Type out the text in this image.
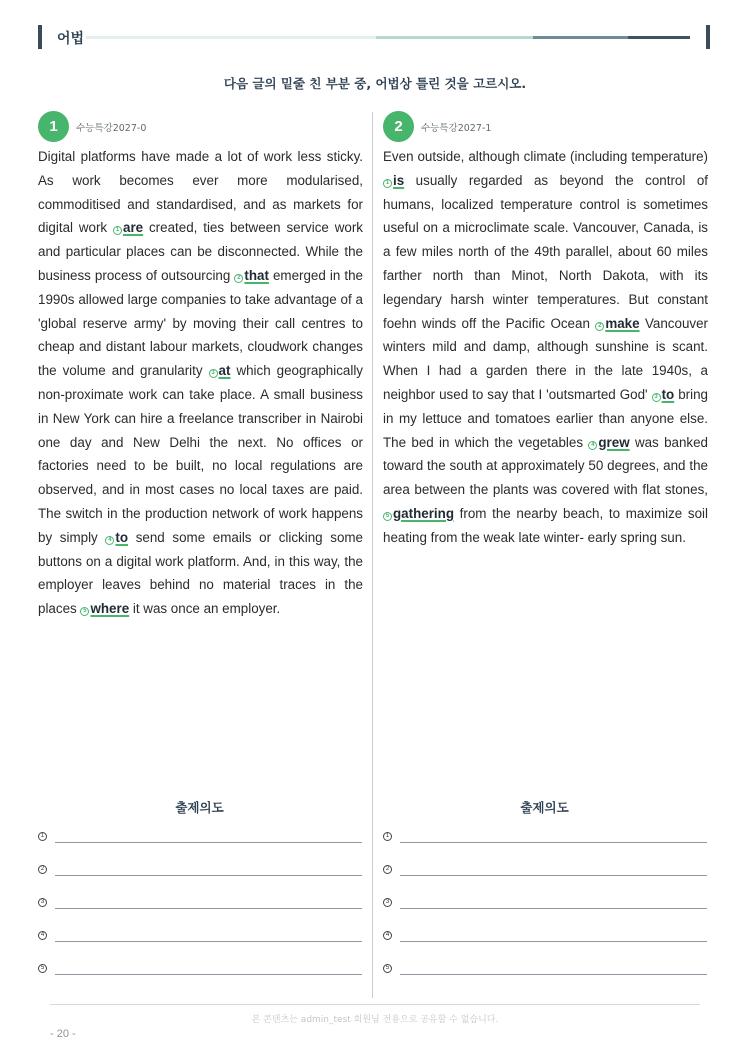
어법
다음 글의 밑줄 친 부분 중, 어법상 틀린 것을 고르시오.
1	수능특강2027-0
Digital platforms have made a lot of work less sticky. As work becomes ever more modularised, commoditised and standardised, and as markets for digital work 1 are created, ties between service work and particular places can be disconnected. While the business process of outsourcing 2 that emerged in the 1990s allowed large companies to take advantage of a 'global reserve army' by moving their call centres to cheap and distant labour markets, cloudwork changes the volume and granularity 3 at which geographically non-proximate work can take place. A small business in New York can hire a freelance transcriber in Nairobi one day and New Delhi the next. No offices or factories need to be built, no local regulations are observed, and in most cases no local taxes are paid. The switch in the production network of work happens by simply 4 to send some emails or clicking some buttons on a digital work platform. And, in this way, the employer leaves behind no material traces in the places 5 where it was once an employer.
2	수능특강2027-1
Even outside, although climate (including temperature) 1 is usually regarded as beyond the control of humans, localized temperature control is sometimes useful on a microclimate scale. Vancouver, Canada, is a few miles north of the 49th parallel, about 60 miles farther north than Minot, North Dakota, with its legendary harsh winter temperatures. But constant foehn winds off the Pacific Ocean 2 make Vancouver winters mild and damp, although sunshine is scant. When I had a garden there in the late 1940s, a neighbor used to say that I 'outsmarted God' 3 to bring in my lettuce and tomatoes earlier than anyone else. The bed in which the vegetables 4 grew was banked toward the south at approximately 50 degrees, and the area between the plants was covered with flat stones, 5 gathering from the nearby beach, to maximize soil heating from the weak late winter- early spring sun.
출제의도	출제의도
1
2
3
4
5
1
2
3
4
5
본 콘텐츠는 admin_test 회원님 전용으로 공유할 수 없습니다.
- 20 -
